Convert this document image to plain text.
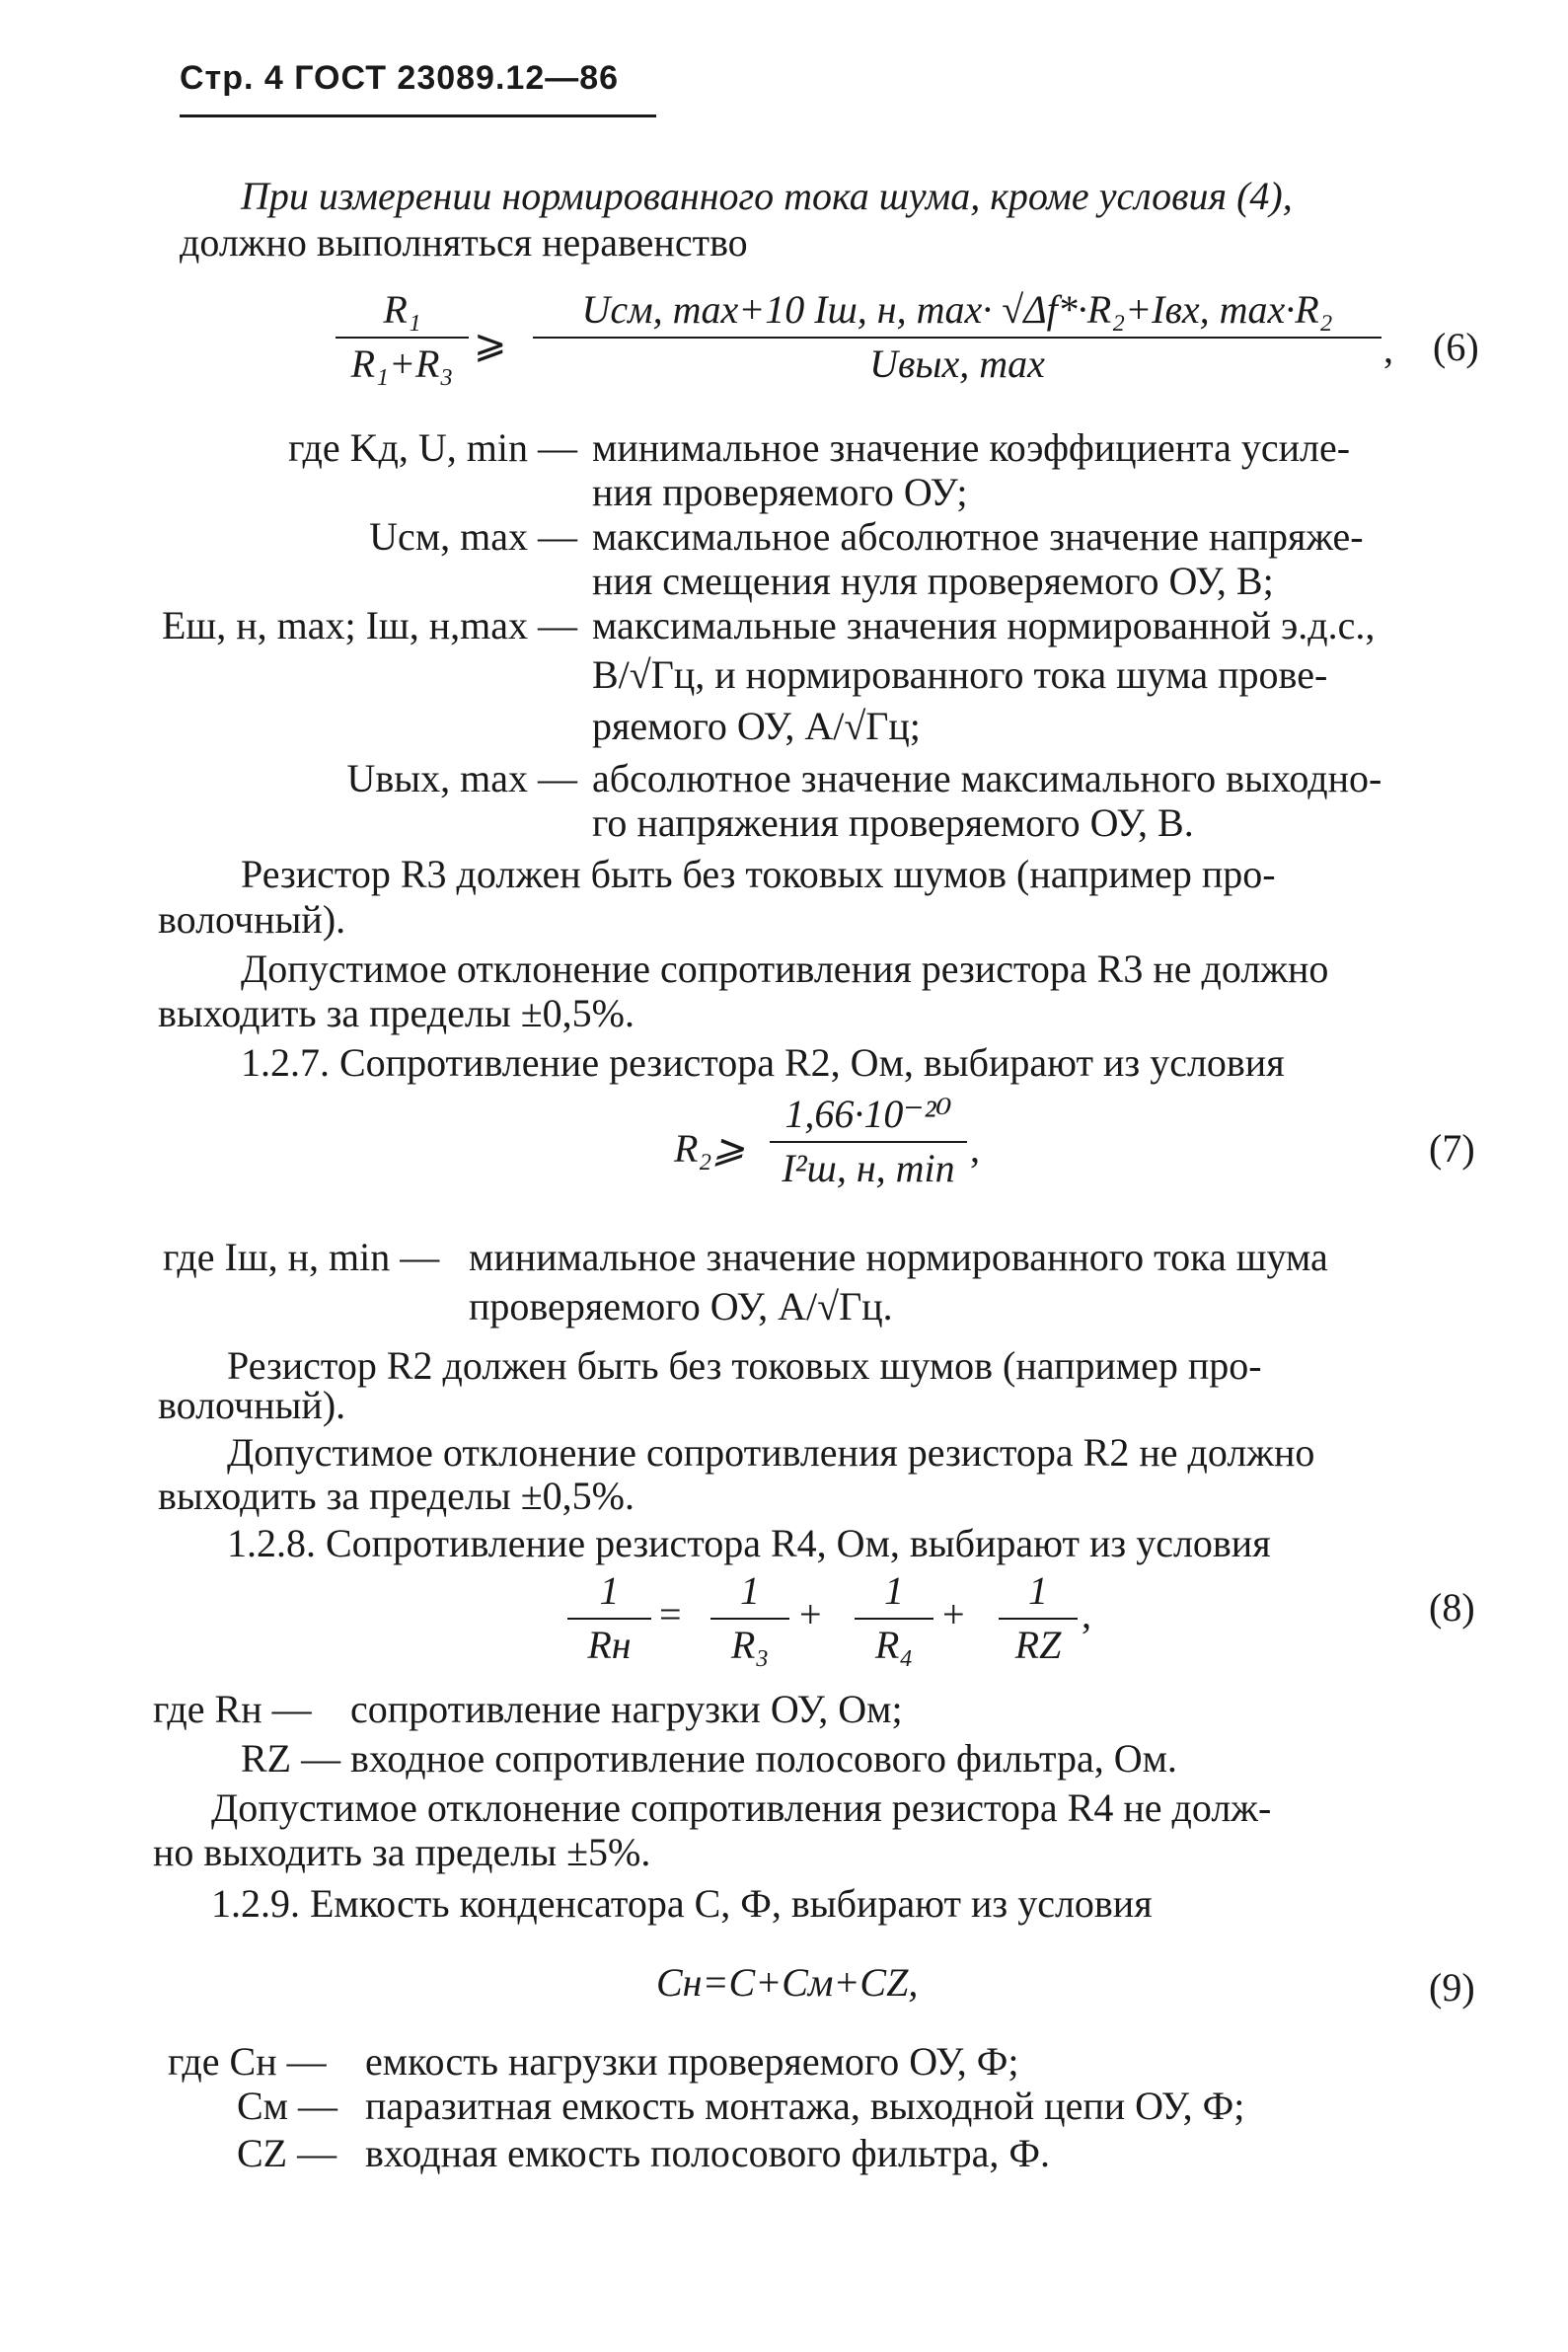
Стр. 4 ГОСТ 23089.12—86
При измерении нормированного тока шума, кроме условия (4),
должно выполняться неравенство
R₁
R₁+R₃ ⩾
Uсм, max+10 Iш, н, max· √Δf*·R₂+Iвх, max·R₂
Uвых, max	, (6)
где Kд, U, min — минимальное значение коэффициента усиле-
ния проверяемого ОУ;
Uсм, max — максимальное абсолютное значение напряже-
ния смещения нуля проверяемого ОУ, В;
Eш, н, max; Iш, н,max — максимальные значения нормированной э.д.с.,
В/√Гц, и нормированного тока шума прове-
ряемого ОУ, А/√Гц;
Uвых, max — абсолютное значение максимального выходно-
го напряжения проверяемого ОУ, В.
Резистор R3 должен быть без токовых шумов (например про-
волочный).
Допустимое отклонение сопротивления резистора R3 не должно
выходить за пределы ±0,5%.
1.2.7. Сопротивление резистора R2, Ом, выбирают из условия
R₂⩾
1,66·10⁻²⁰
I²ш, н, min ,	(7)
где Iш, н, min — минимальное значение нормированного тока шума
проверяемого ОУ, А/√Гц.
Резистор R2 должен быть без токовых шумов (например про-
волочный).
Допустимое отклонение сопротивления резистора R2 не должно
выходить за пределы ±0,5%.
1.2.8. Сопротивление резистора R4, Ом, выбирают из условия
1
Rн
=
1
R₃
+
1
R₄
+
1
RZ
,	(8)
где Rн — сопротивление нагрузки ОУ, Ом;
RZ — входное сопротивление полосового фильтра, Ом.
Допустимое отклонение сопротивления резистора R4 не долж-
но выходить за пределы ±5%.
1.2.9. Емкость конденсатора C, Ф, выбирают из условия
Cн=C+Cм+CZ,	(9)
где Cн — емкость нагрузки проверяемого ОУ, Ф;
Cм — паразитная емкость монтажа, выходной цепи ОУ, Ф;
CZ — входная емкость полосового фильтра, Ф.
